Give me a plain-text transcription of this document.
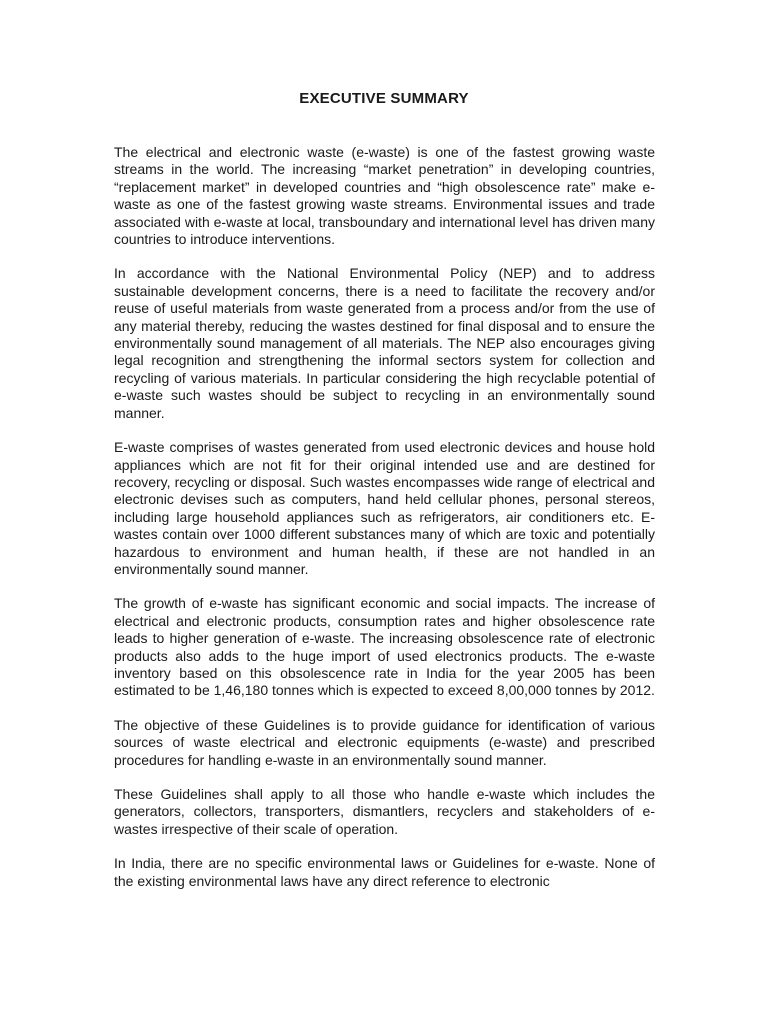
EXECUTIVE SUMMARY

The electrical and electronic waste (e-waste) is one of the fastest growing waste streams in the world. The increasing “market penetration” in developing countries, “replacement market” in developed countries and “high obsolescence rate” make e-waste as one of the fastest growing waste streams. Environmental issues and trade associated with e-waste at local, transboundary and international level has driven many countries to introduce interventions.

In accordance with the National Environmental Policy (NEP) and to address sustainable development concerns, there is a need to facilitate the recovery and/or reuse of useful materials from waste generated from a process and/or from the use of any material thereby, reducing the wastes destined for final disposal and to ensure the environmentally sound management of all materials. The NEP also encourages giving legal recognition and strengthening the informal sectors system for collection and recycling of various materials. In particular considering the high recyclable potential of e-waste such wastes should be subject to recycling in an environmentally sound manner.

E-waste comprises of wastes generated from used electronic devices and house hold appliances which are not fit for their original intended use and are destined for recovery, recycling or disposal. Such wastes encompasses wide range of electrical and electronic devises such as computers, hand held cellular phones, personal stereos, including large household appliances such as refrigerators, air conditioners etc. E-wastes contain over 1000 different substances many of which are toxic and potentially hazardous to environment and human health, if these are not handled in an environmentally sound manner.

The growth of e-waste has significant economic and social impacts. The increase of electrical and electronic products, consumption rates and higher obsolescence rate leads to higher generation of e-waste. The increasing obsolescence rate of electronic products also adds to the huge import of used electronics products. The e-waste inventory based on this obsolescence rate in India for the year 2005 has been estimated to be 1,46,180 tonnes which is expected to exceed 8,00,000 tonnes by 2012.

The objective of these Guidelines is to provide guidance for identification of various sources of waste electrical and electronic equipments (e-waste) and prescribed procedures for handling e-waste in an environmentally sound manner.

These Guidelines shall apply to all those who handle e-waste which includes the generators, collectors, transporters, dismantlers, recyclers and stakeholders of e-wastes irrespective of their scale of operation.

In India, there are no specific environmental laws or Guidelines for e-waste. None of the existing environmental laws have any direct reference to electronic
